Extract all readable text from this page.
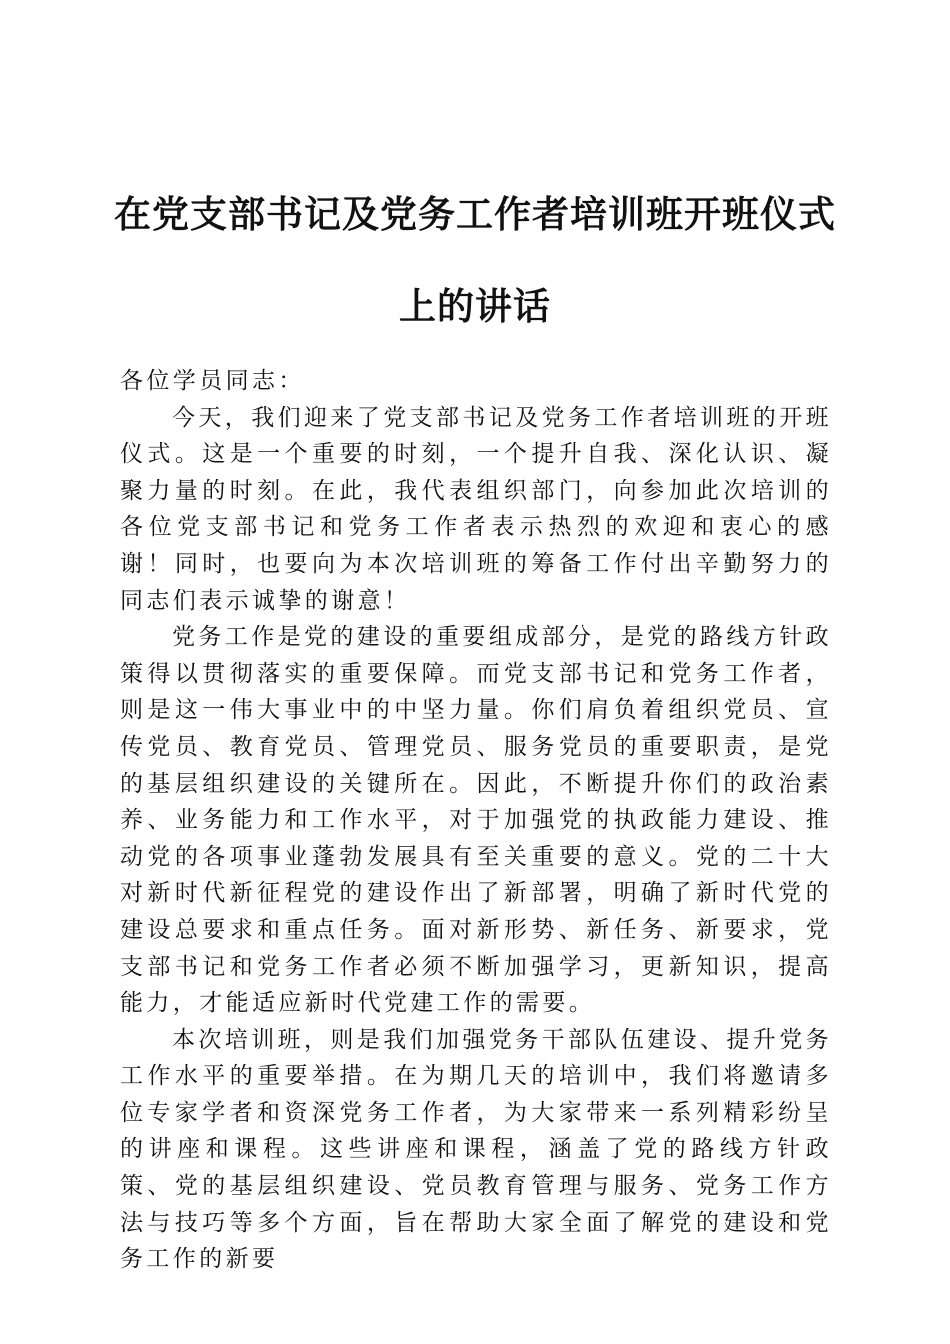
在党支部书记及党务工作者培训班开班仪式上的讲话

各位学员同志：

今天，我们迎来了党支部书记及党务工作者培训班的开班仪式。这是一个重要的时刻，一个提升自我、深化认识、凝聚力量的时刻。在此，我代表组织部门，向参加此次培训的各位党支部书记和党务工作者表示热烈的欢迎和衷心的感谢！同时，也要向为本次培训班的筹备工作付出辛勤努力的同志们表示诚挚的谢意！

党务工作是党的建设的重要组成部分，是党的路线方针政策得以贯彻落实的重要保障。而党支部书记和党务工作者，则是这一伟大事业中的中坚力量。你们肩负着组织党员、宣传党员、教育党员、管理党员、服务党员的重要职责，是党的基层组织建设的关键所在。因此，不断提升你们的政治素养、业务能力和工作水平，对于加强党的执政能力建设、推动党的各项事业蓬勃发展具有至关重要的意义。党的二十大对新时代新征程党的建设作出了新部署，明确了新时代党的建设总要求和重点任务。面对新形势、新任务、新要求，党支部书记和党务工作者必须不断加强学习，更新知识，提高能力，才能适应新时代党建工作的需要。

本次培训班，则是我们加强党务干部队伍建设、提升党务工作水平的重要举措。在为期几天的培训中，我们将邀请多位专家学者和资深党务工作者，为大家带来一系列精彩纷呈的讲座和课程。这些讲座和课程，涵盖了党的路线方针政策、党的基层组织建设、党员教育管理与服务、党务工作方法与技巧等多个方面，旨在帮助大家全面了解党的建设和党务工作的新要
